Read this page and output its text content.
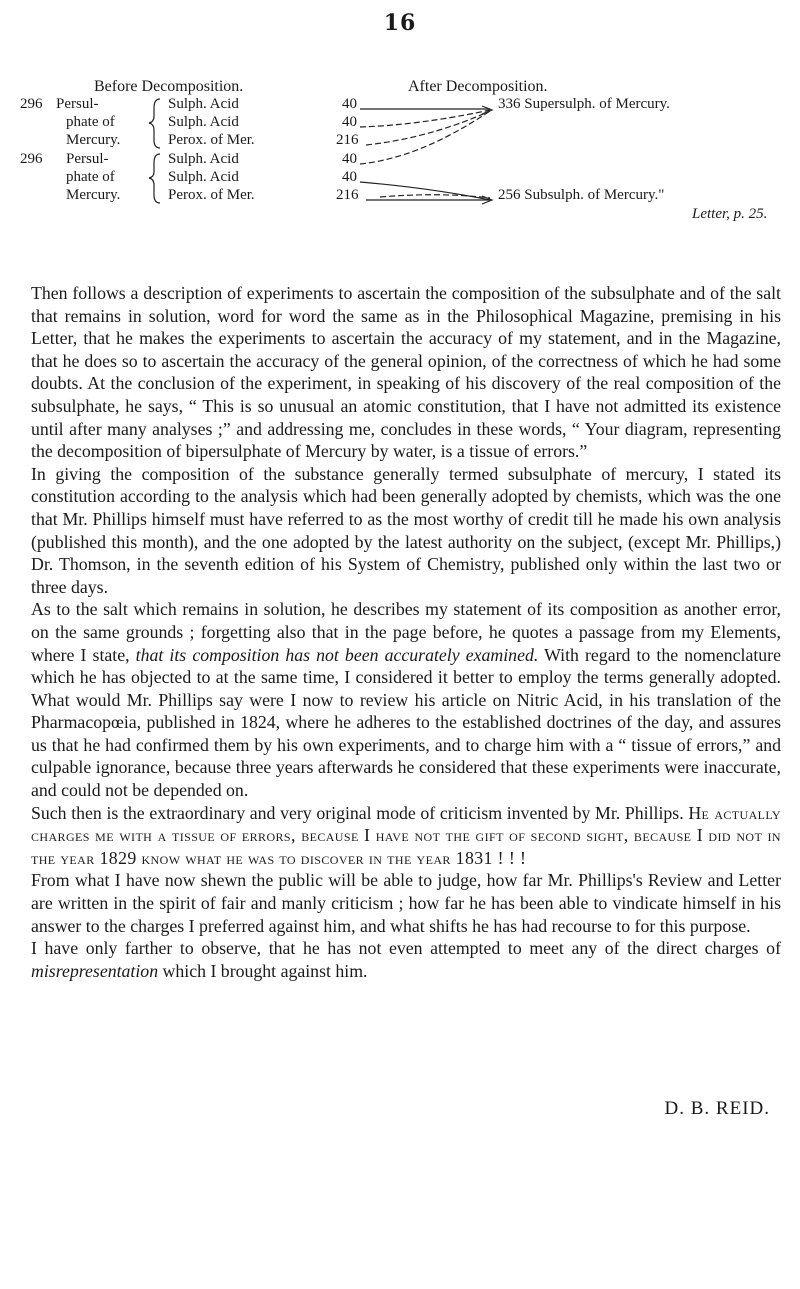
16
Before Decomposition.	After Decomposition.
296 Persul-
phate of
Mercury.
Sulph. Acid
Sulph. Acid
Perox. of Mer.
40
40
216
336 Supersulph. of Mercury.
296 Persul-
phate of
Mercury.
Sulph. Acid
Sulph. Acid
Perox. of Mer.
40
40
216	256 Subsulph. of Mercury."
Letter, p. 25.

Then follows a description of experiments to ascertain the composition of the subsulphate and of the salt that remains in solution, word for word the same as in the Philosophical Magazine, premising in his Letter, that he makes the experiments to ascertain the accuracy of my statement, and in the Magazine, that he does so to ascertain the accuracy of the general opinion, of the correctness of which he had some doubts. At the conclusion of the experiment, in speaking of his discovery of the real composition of the subsulphate, he says, “ This is so unusual an atomic constitution, that I have not admitted its existence until after many analyses ;” and addressing me, concludes in these words, “ Your diagram, representing the decomposition of bipersulphate of Mercury by water, is a tissue of errors.”

In giving the composition of the substance generally termed subsulphate of mercury, I stated its constitution according to the analysis which had been generally adopted by chemists, which was the one that Mr. Phillips himself must have referred to as the most worthy of credit till he made his own analysis (published this month), and the one adopted by the latest authority on the subject, (except Mr. Phillips,) Dr. Thomson, in the seventh edition of his System of Chemistry, published only within the last two or three days.

As to the salt which remains in solution, he describes my statement of its composition as another error, on the same grounds ; forgetting also that in the page before, he quotes a passage from my Elements, where I state, that its composition has not been accurately examined. With regard to the nomenclature which he has objected to at the same time, I considered it better to employ the terms generally adopted. What would Mr. Phillips say were I now to review his article on Nitric Acid, in his translation of the Pharmacopœia, published in 1824, where he adheres to the established doctrines of the day, and assures us that he had confirmed them by his own experiments, and to charge him with a “ tissue of errors,” and culpable ignorance, because three years afterwards he considered that these experiments were inaccurate, and could not be depended on.

Such then is the extraordinary and very original mode of criticism invented by Mr. Phillips. He actually charges me with a tissue of errors, because I have not the gift of second sight, because I did not in the year 1829 know what he was to discover in the year 1831 ! ! !

From what I have now shewn the public will be able to judge, how far Mr. Phillips's Review and Letter are written in the spirit of fair and manly criticism ; how far he has been able to vindicate himself in his answer to the charges I preferred against him, and what shifts he has had recourse to for this purpose.

I have only farther to observe, that he has not even attempted to meet any of the direct charges of misrepresentation which I brought against him.

D. B. REID.
